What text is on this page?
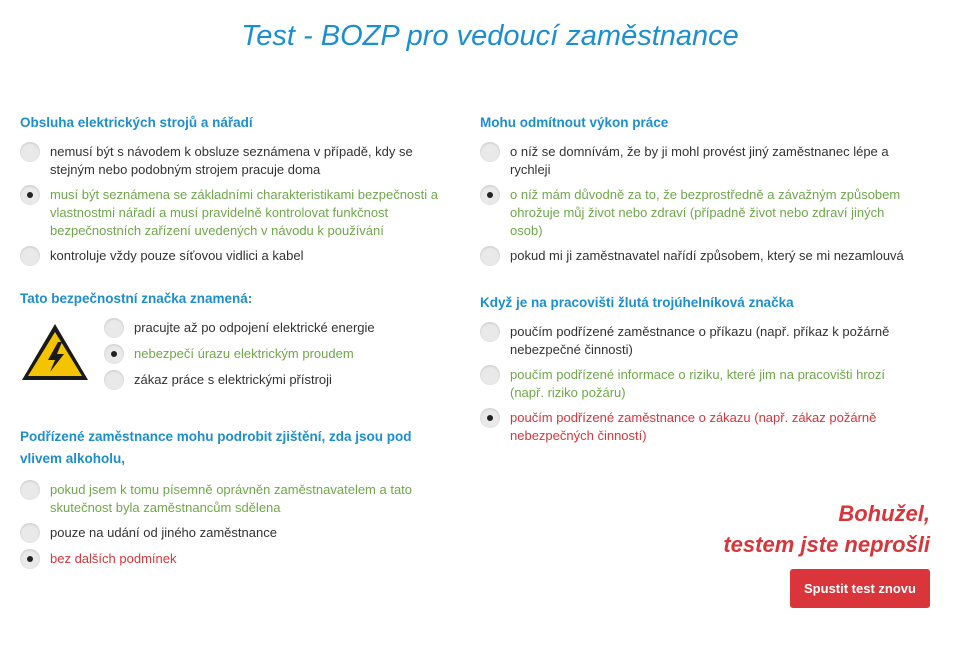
Test - BOZP pro vedoucí zaměstnance
Obsluha elektrických strojů a nářadí
nemusí být s návodem k obsluze seznámena v případě, kdy se stejným nebo podobným strojem pracuje doma
musí být seznámena se základními charakteristikami bezpečnosti a vlastnostmi nářadí a musí pravidelně kontrolovat funkčnost bezpečnostních zařízení uvedených v návodu k používání
kontroluje vždy pouze síťovou vidlici a kabel
Tato bezpečnostní značka znamená:
pracujte až po odpojení elektrické energie
nebezpečí úrazu elektrickým proudem
zákaz práce s elektrickými přístroji
Podřízené zaměstnance mohu podrobit zjištění, zda jsou pod vlivem alkoholu,
pokud jsem k tomu písemně oprávněn zaměstnavatelem a tato skutečnost byla zaměstnancům sdělena
pouze na udání od jiného zaměstnance
bez dalších podmínek
Mohu odmítnout výkon práce
o níž se domnívám, že by ji mohl provést jiný zaměstnanec lépe a rychleji
o níž mám důvodně za to, že bezprostředně a závažným způsobem ohrožuje můj život nebo zdraví (případně život nebo zdraví jiných osob)
pokud mi ji zaměstnavatel nařídí způsobem, který se mi nezamlouvá
Když je na pracovišti žlutá trojúhelníková značka
poučím podřízené zaměstnance o příkazu (např. příkaz k požárně nebezpečné činnosti)
poučím podřízené informace o riziku, které jim na pracovišti hrozí (např. riziko požáru)
poučím podřízené zaměstnance o zákazu (např. zákaz požárně nebezpečných činností)
Bohužel,
testem jste neprošli
Spustit test znovu
